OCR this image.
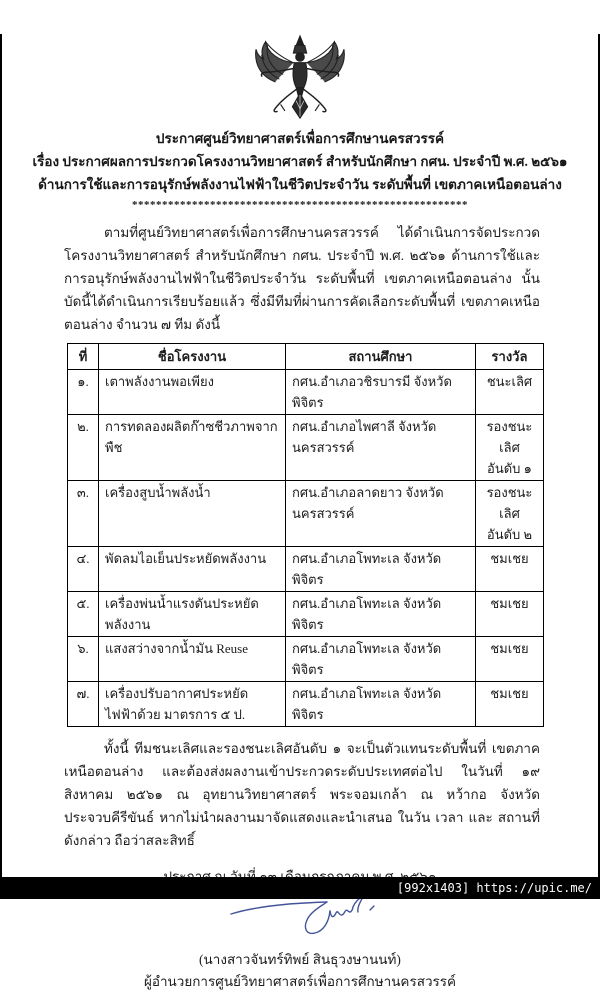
ประกาศศูนย์วิทยาศาสตร์เพื่อการศึกษานครสวรรค์
เรื่อง ประกาศผลการประกวดโครงงานวิทยาศาสตร์ สำหรับนักศึกษา กศน. ประจำปี พ.ศ. ๒๕๖๑
ด้านการใช้และการอนุรักษ์พลังงานไฟฟ้าในชีวิตประจำวัน ระดับพื้นที่ เขตภาคเหนือตอนล่าง
********************************************************
ตามที่ศูนย์วิทยาศาสตร์เพื่อการศึกษานครสวรรค์ ได้ดำเนินการจัดประกวดโครงงานวิทยาศาสตร์ สำหรับนักศึกษา กศน. ประจำปี พ.ศ. ๒๕๖๑ ด้านการใช้และการอนุรักษ์พลังงานไฟฟ้าในชีวิตประจำวัน ระดับพื้นที่ เขตภาคเหนือตอนล่าง นั้น บัดนี้ได้ดำเนินการเรียบร้อยแล้ว ซึ่งมีทีมที่ผ่านการคัดเลือกระดับพื้นที่ เขตภาคเหนือตอนล่าง จำนวน ๗ ทีม ดังนี้
ที่	ชื่อโครงงาน	สถานศึกษา	รางวัล
๑.	เตาพลังงานพอเพียง	กศน.อำเภอวชิรบารมี จังหวัดพิจิตร	ชนะเลิศ

๒.	การทดลองผลิตก๊าซชีวภาพจากพืช	กศน.อำเภอไพศาลี จังหวัดนครสวรรค์	รองชนะเลิศ
อันดับ ๑

๓.	เครื่องสูบน้ำพลังน้ำ	กศน.อำเภอลาดยาว จังหวัดนครสวรรค์	รองชนะเลิศ
อันดับ ๒

๔.	พัดลมไอเย็นประหยัดพลังงาน	กศน.อำเภอโพทะเล จังหวัดพิจิตร	ชมเชย

๕.	เครื่องพ่นน้ำแรงดันประหยัดพลังงาน	กศน.อำเภอโพทะเล จังหวัดพิจิตร	ชมเชย

๖.	แสงสว่างจากน้ำมัน Reuse	กศน.อำเภอโพทะเล จังหวัดพิจิตร	ชมเชย

๗.	เครื่องปรับอากาศประหยัดไฟฟ้าด้วย มาตรการ ๕ ป.	กศน.อำเภอโพทะเล จังหวัดพิจิตร	ชมเชย
ทั้งนี้ ทีมชนะเลิศและรองชนะเลิศอันดับ ๑ จะเป็นตัวแทนระดับพื้นที่ เขตภาคเหนือตอนล่าง และต้องส่งผลงานเข้าประกวดระดับประเทศต่อไป ในวันที่ ๑๙ สิงหาคม ๒๕๖๑ ณ อุทยานวิทยาศาสตร์ พระจอมเกล้า ณ หว้ากอ จังหวัดประจวบคีรีขันธ์ หากไม่นำผลงานมาจัดแสดงและนำเสนอ ในวัน เวลา และ สถานที่ดังกล่าว ถือว่าสละสิทธิ์
(นางสาวจันทร์ทิพย์ สินธุวงษานนท์)
ผู้อำนวยการศูนย์วิทยาศาสตร์เพื่อการศึกษานครสวรรค์
[992x1403] https://upic.me/
